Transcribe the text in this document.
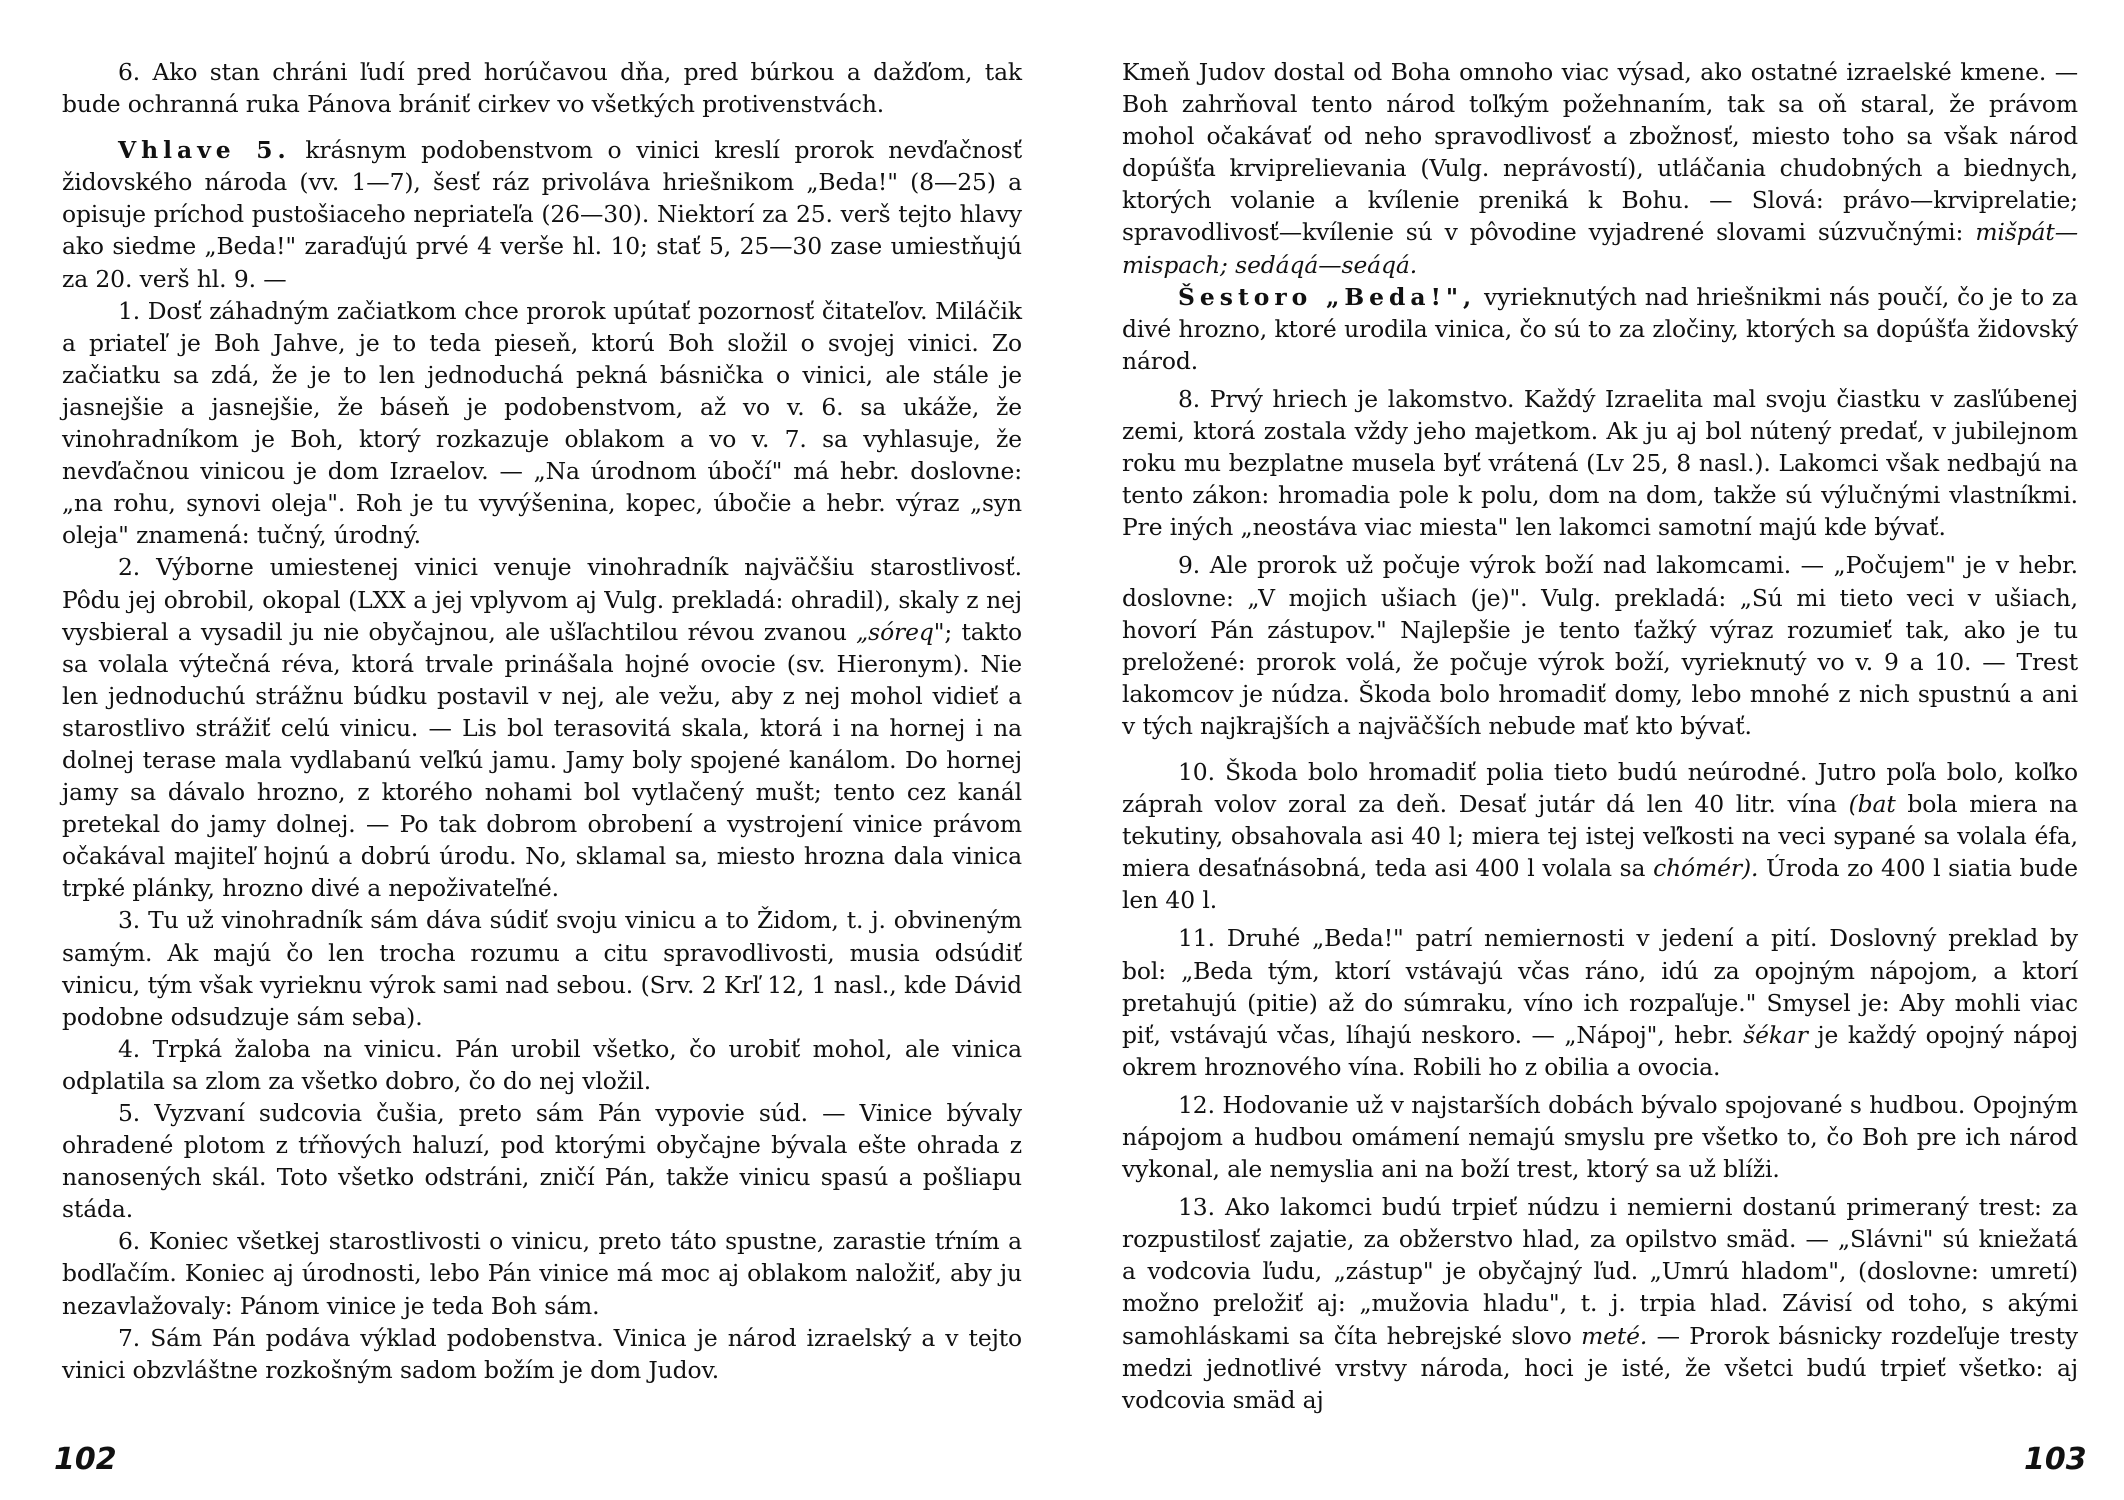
6. Ako stan chráni ľudí pred horúčavou dňa, pred búrkou a dažďom, tak bude ochranná ruka Pánova brániť cirkev vo všetkých protivenstvách.

Vhlave 5. krásnym podobenstvom o vinici kreslí prorok nevďačnosť židovského národa (vv. 1—7), šesť ráz privoláva hriešnikom „Beda!" (8—25) a opisuje príchod pustošiaceho nepriateľa (26—30). Niektorí za 25. verš tejto hlavy ako siedme „Beda!" zaraďujú prvé 4 verše hl. 10; stať 5, 25—30 zase umiestňujú za 20. verš hl. 9. —

1. Dosť záhadným začiatkom chce prorok upútať pozornosť čitateľov. Miláčik a priateľ je Boh Jahve, je to teda pieseň, ktorú Boh složil o svojej vinici. Zo začiatku sa zdá, že je to len jednoduchá pekná básnička o vinici, ale stále je jasnejšie a jasnejšie, že báseň je podobenstvom, až vo v. 6. sa ukáže, že vinohradníkom je Boh, ktorý rozkazuje oblakom a vo v. 7. sa vyhlasuje, že nevďačnou vinicou je dom Izraelov. — „Na úrodnom úbočí" má hebr. doslovne: „na rohu, synovi oleja". Roh je tu vyvýšenina, kopec, úbočie a hebr. výraz „syn oleja" znamená: tučný, úrodný.

2. Výborne umiestenej vinici venuje vinohradník najväčšiu starostlivosť. Pôdu jej obrobil, okopal (LXX a jej vplyvom aj Vulg. prekladá: ohradil), skaly z nej vysbieral a vysadil ju nie obyčajnou, ale ušľachtilou révou zvanou „sóreq"; takto sa volala výtečná réva, ktorá trvale prinášala hojné ovocie (sv. Hieronym). Nie len jednoduchú strážnu búdku postavil v nej, ale vežu, aby z nej mohol vidieť a starostlivo strážiť celú vinicu. — Lis bol terasovitá skala, ktorá i na hornej i na dolnej terase mala vydlabanú veľkú jamu. Jamy boly spojené kanálom. Do hornej jamy sa dávalo hrozno, z ktorého nohami bol vytlačený mušt; tento cez kanál pretekal do jamy dolnej. — Po tak dobrom obrobení a vystrojení vinice právom očakával majiteľ hojnú a dobrú úrodu. No, sklamal sa, miesto hrozna dala vinica trpké plánky, hrozno divé a nepoživateľné.

3. Tu už vinohradník sám dáva súdiť svoju vinicu a to Židom, t. j. obvineným samým. Ak majú čo len trocha rozumu a citu spravodlivosti, musia odsúdiť vinicu, tým však vyrieknu výrok sami nad sebou. (Srv. 2 Krľ 12, 1 nasl., kde Dávid podobne odsudzuje sám seba).

4. Trpká žaloba na vinicu. Pán urobil všetko, čo urobiť mohol, ale vinica odplatila sa zlom za všetko dobro, čo do nej vložil.

5. Vyzvaní sudcovia čušia, preto sám Pán vypovie súd. — Vinice bývaly ohradené plotom z tŕňových haluzí, pod ktorými obyčajne bývala ešte ohrada z nanosených skál. Toto všetko odstráni, zničí Pán, takže vinicu spasú a pošliapu stáda.

6. Koniec všetkej starostlivosti o vinicu, preto táto spustne, zarastie tŕním a bodľačím. Koniec aj úrodnosti, lebo Pán vinice má moc aj oblakom naložiť, aby ju nezavlažovaly: Pánom vinice je teda Boh sám.

7. Sám Pán podáva výklad podobenstva. Vinica je národ izraelský a v tejto vinici obzvláštne rozkošným sadom božím je dom Judov.

102

Kmeň Judov dostal od Boha omnoho viac výsad, ako ostatné izraelské kmene. — Boh zahrňoval tento národ toľkým požehnaním, tak sa oň staral, že právom mohol očakávať od neho spravodlivosť a zbožnosť, miesto toho sa však národ dopúšťa krviprelievania (Vulg. neprávostí), utláčania chudobných a biednych, ktorých volanie a kvílenie preniká k Bohu. — Slová: právo—krviprelatie; spravodlivosť—kvílenie sú v pôvodine vyjadrené slovami súzvučnými: mišpát—mispach; sedáqá—seáqá.

Šestoro „Beda!", vyrieknutých nad hriešnikmi nás poučí, čo je to za divé hrozno, ktoré urodila vinica, čo sú to za zločiny, ktorých sa dopúšťa židovský národ.

8. Prvý hriech je lakomstvo. Každý Izraelita mal svoju čiastku v zasľúbenej zemi, ktorá zostala vždy jeho majetkom. Ak ju aj bol nútený predať, v jubilejnom roku mu bezplatne musela byť vrátená (Lv 25, 8 nasl.). Lakomci však nedbajú na tento zákon: hromadia pole k polu, dom na dom, takže sú výlučnými vlastníkmi. Pre iných „neostáva viac miesta" len lakomci samotní majú kde bývať.

9. Ale prorok už počuje výrok boží nad lakomcami. — „Počujem" je v hebr. doslovne: „V mojich ušiach (je)". Vulg. prekladá: „Sú mi tieto veci v ušiach, hovorí Pán zástupov." Najlepšie je tento ťažký výraz rozumieť tak, ako je tu preložené: prorok volá, že počuje výrok boží, vyrieknutý vo v. 9 a 10. — Trest lakomcov je núdza. Škoda bolo hromadiť domy, lebo mnohé z nich spustnú a ani v tých najkrajších a najväčších nebude mať kto bývať.

10. Škoda bolo hromadiť polia tieto budú neúrodné. Jutro poľa bolo, koľko záprah volov zoral za deň. Desať jutár dá len 40 litr. vína (bat bola miera na tekutiny, obsahovala asi 40 l; miera tej istej veľkosti na veci sypané sa volala éfa, miera desaťnásobná, teda asi 400 l volala sa chómér). Úroda zo 400 l siatia bude len 40 l.

11. Druhé „Beda!" patrí nemiernosti v jedení a pití. Doslovný preklad by bol: „Beda tým, ktorí vstávajú včas ráno, idú za opojným nápojom, a ktorí pretahujú (pitie) až do súmraku, víno ich rozpaľuje." Smysel je: Aby mohli viac piť, vstávajú včas, líhajú neskoro. — „Nápoj", hebr. šékar je každý opojný nápoj okrem hroznového vína. Robili ho z obilia a ovocia.

12. Hodovanie už v najstarších dobách bývalo spojované s hudbou. Opojným nápojom a hudbou omámení nemajú smyslu pre všetko to, čo Boh pre ich národ vykonal, ale nemyslia ani na boží trest, ktorý sa už blíži.

13. Ako lakomci budú trpieť núdzu i nemierni dostanú primeraný trest: za rozpustilosť zajatie, za obžerstvo hlad, za opilstvo smäd. — „Slávni" sú kniežatá a vodcovia ľudu, „zástup" je obyčajný ľud. „Umrú hladom", (doslovne: umretí) možno preložiť aj: „mužovia hladu", t. j. trpia hlad. Závisí od toho, s akými samohláskami sa číta hebrejské slovo meté. — Prorok básnicky rozdeľuje tresty medzi jednotlivé vrstvy národa, hoci je isté, že všetci budú trpieť všetko: aj vodcovia smäd aj

103
